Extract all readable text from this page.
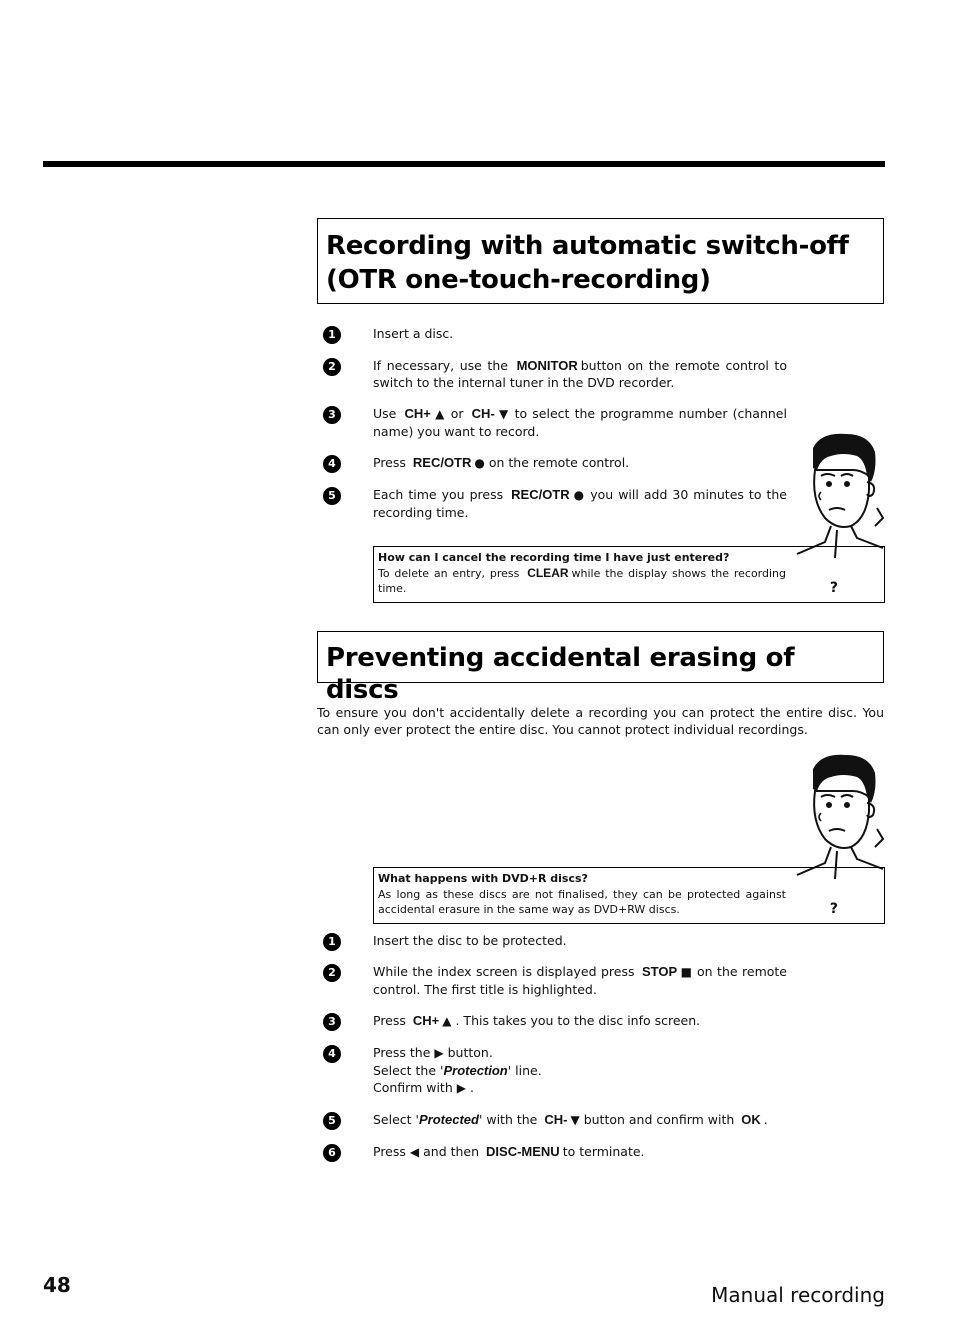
Recording with automatic switch-off
(OTR one-touch-recording)
1	Insert a disc.
2	If necessary, use the MONITOR button on the remote control to switch to the internal tuner in the DVD recorder.
3	Use CH+ ▲ or CH- ▼ to select the programme number (channel name) you want to record.
4	Press REC/OTR ● on the remote control.
5	Each time you press REC/OTR ● you will add 30 minutes to the recording time.
How can I cancel the recording time I have just entered?
To delete an entry, press CLEAR while the display shows the recording time.	?
Preventing accidental erasing of discs
To ensure you don't accidentally delete a recording you can protect the entire disc. You can only ever protect the entire disc. You cannot protect individual recordings.
What happens with DVD+R discs?
As long as these discs are not finalised, they can be protected against accidental erasure in the same way as DVD+RW discs.	?
1	Insert the disc to be protected.
2	While the index screen is displayed press STOP ■ on the remote control. The first title is highlighted.
3	Press CH+ ▲ . This takes you to the disc info screen.
4	Press the ▶ button.
Select the 'Protection' line.
Confirm with ▶ .
5	Select 'Protected' with the CH- ▼ button and confirm with OK .
6	Press ◀ and then DISC-MENU to terminate.
48	Manual recording
